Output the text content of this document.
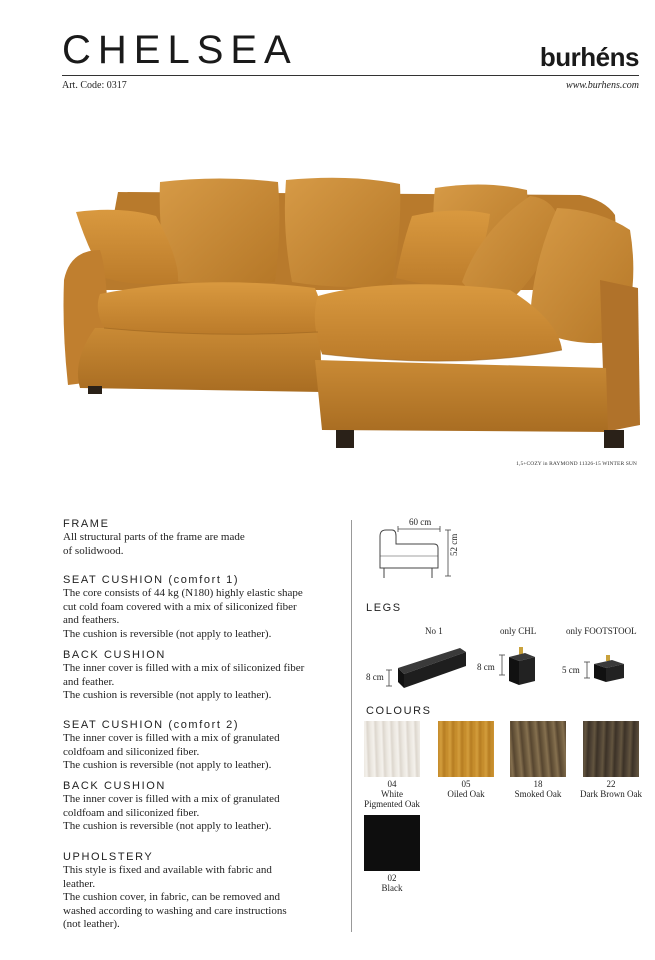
CHELSEA	burhéns
Art. Code: 0317	www.burhens.com
1,5+COZY in RAYMOND 11326-15 WINTER SUN
FRAME
All structural parts of the frame are made
of solidwood.
SEAT CUSHION (comfort 1)
The core consists of 44 kg (N180) highly elastic shape
cut cold foam covered with a mix of siliconized fiber
and feathers.
The cushion is reversible (not apply to leather).
BACK CUSHION
The inner cover is filled with a mix of siliconized fiber
and feather.
The cushion is reversible (not apply to leather).
SEAT CUSHION (comfort 2)
The inner cover is filled with a mix of granulated
coldfoam and siliconized fiber.
The cushion is reversible (not apply to leather).
BACK CUSHION
The inner cover is filled with a mix of granulated
coldfoam and siliconized fiber.
The cushion is reversible (not apply to leather).
UPHOLSTERY
This style is fixed and available with fabric and
leather.
The cushion cover, in fabric, can be removed and
washed according to washing and care instructions
(not leather).
60 cm
52 cm
LEGS
No 1	only CHL	only FOOTSTOOL
8 cm
8 cm	5 cm
COLOURS
04
White
Pigmented Oak
05
Oiled Oak
18
Smoked Oak
22
Dark Brown Oak
02
Black
